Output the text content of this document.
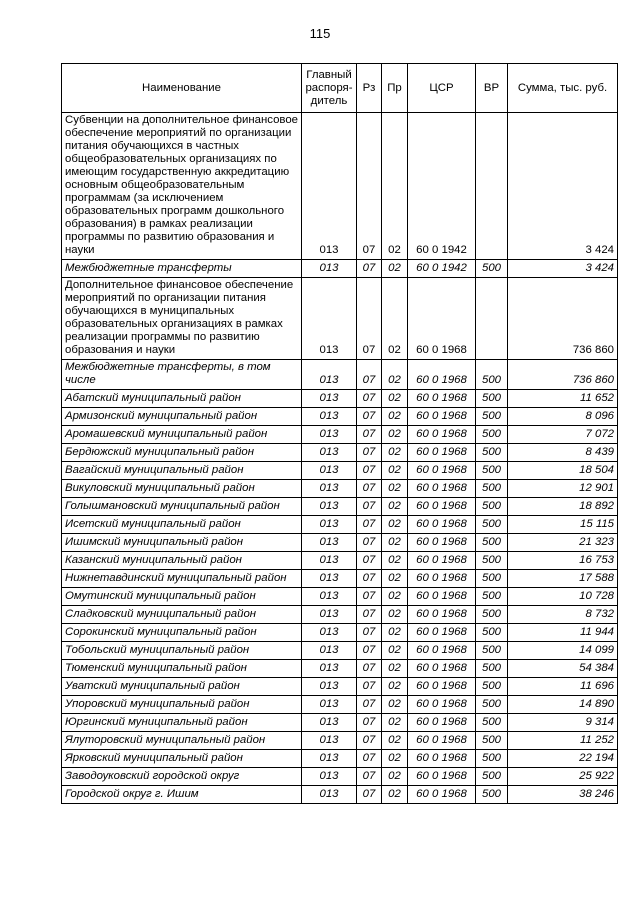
115
Наименование	Главный распоря-дитель	Рз	Пр	ЦСР	ВР	Сумма, тыс. руб.
Субвенции на дополнительное финансовое обеспечение мероприятий по организации питания обучающихся в частных общеобразовательных организациях по имеющим государственную аккредитацию основным общеобразовательным программам (за исключением образовательных программ дошкольного образования) в рамках реализации программы по развитию образования и науки	013	07	02	60 0 1942		3 424
Межбюджетные трансферты	013	07	02	60 0 1942	500	3 424
Дополнительное финансовое обеспечение мероприятий по организации питания обучающихся в муниципальных образовательных организациях в рамках реализации программы по развитию образования и науки	013	07	02	60 0 1968		736 860
Межбюджетные трансферты, в том числе	013	07	02	60 0 1968	500	736 860
Абатский муниципальный район	013	07	02	60 0 1968	500	11 652
Армизонский муниципальный район	013	07	02	60 0 1968	500	8 096
Аромашевский муниципальный район	013	07	02	60 0 1968	500	7 072
Бердюжский муниципальный район	013	07	02	60 0 1968	500	8 439
Вагайский муниципальный район	013	07	02	60 0 1968	500	18 504
Викуловский муниципальный район	013	07	02	60 0 1968	500	12 901
Голышмановский муниципальный район	013	07	02	60 0 1968	500	18 892
Исетский муниципальный район	013	07	02	60 0 1968	500	15 115
Ишимский муниципальный район	013	07	02	60 0 1968	500	21 323
Казанский муниципальный район	013	07	02	60 0 1968	500	16 753
Нижнетавдинский муниципальный район	013	07	02	60 0 1968	500	17 588
Омутинский муниципальный район	013	07	02	60 0 1968	500	10 728
Сладковский муниципальный район	013	07	02	60 0 1968	500	8 732
Сорокинский муниципальный район	013	07	02	60 0 1968	500	11 944
Тобольский муниципальный район	013	07	02	60 0 1968	500	14 099
Тюменский муниципальный район	013	07	02	60 0 1968	500	54 384
Уватский муниципальный район	013	07	02	60 0 1968	500	11 696
Упоровский муниципальный район	013	07	02	60 0 1968	500	14 890
Юргинский муниципальный район	013	07	02	60 0 1968	500	9 314
Ялуторовский муниципальный район	013	07	02	60 0 1968	500	11 252
Ярковский муниципальный район	013	07	02	60 0 1968	500	22 194
Заводоуковский городской округ	013	07	02	60 0 1968	500	25 922
Городской округ г. Ишим	013	07	02	60 0 1968	500	38 246
